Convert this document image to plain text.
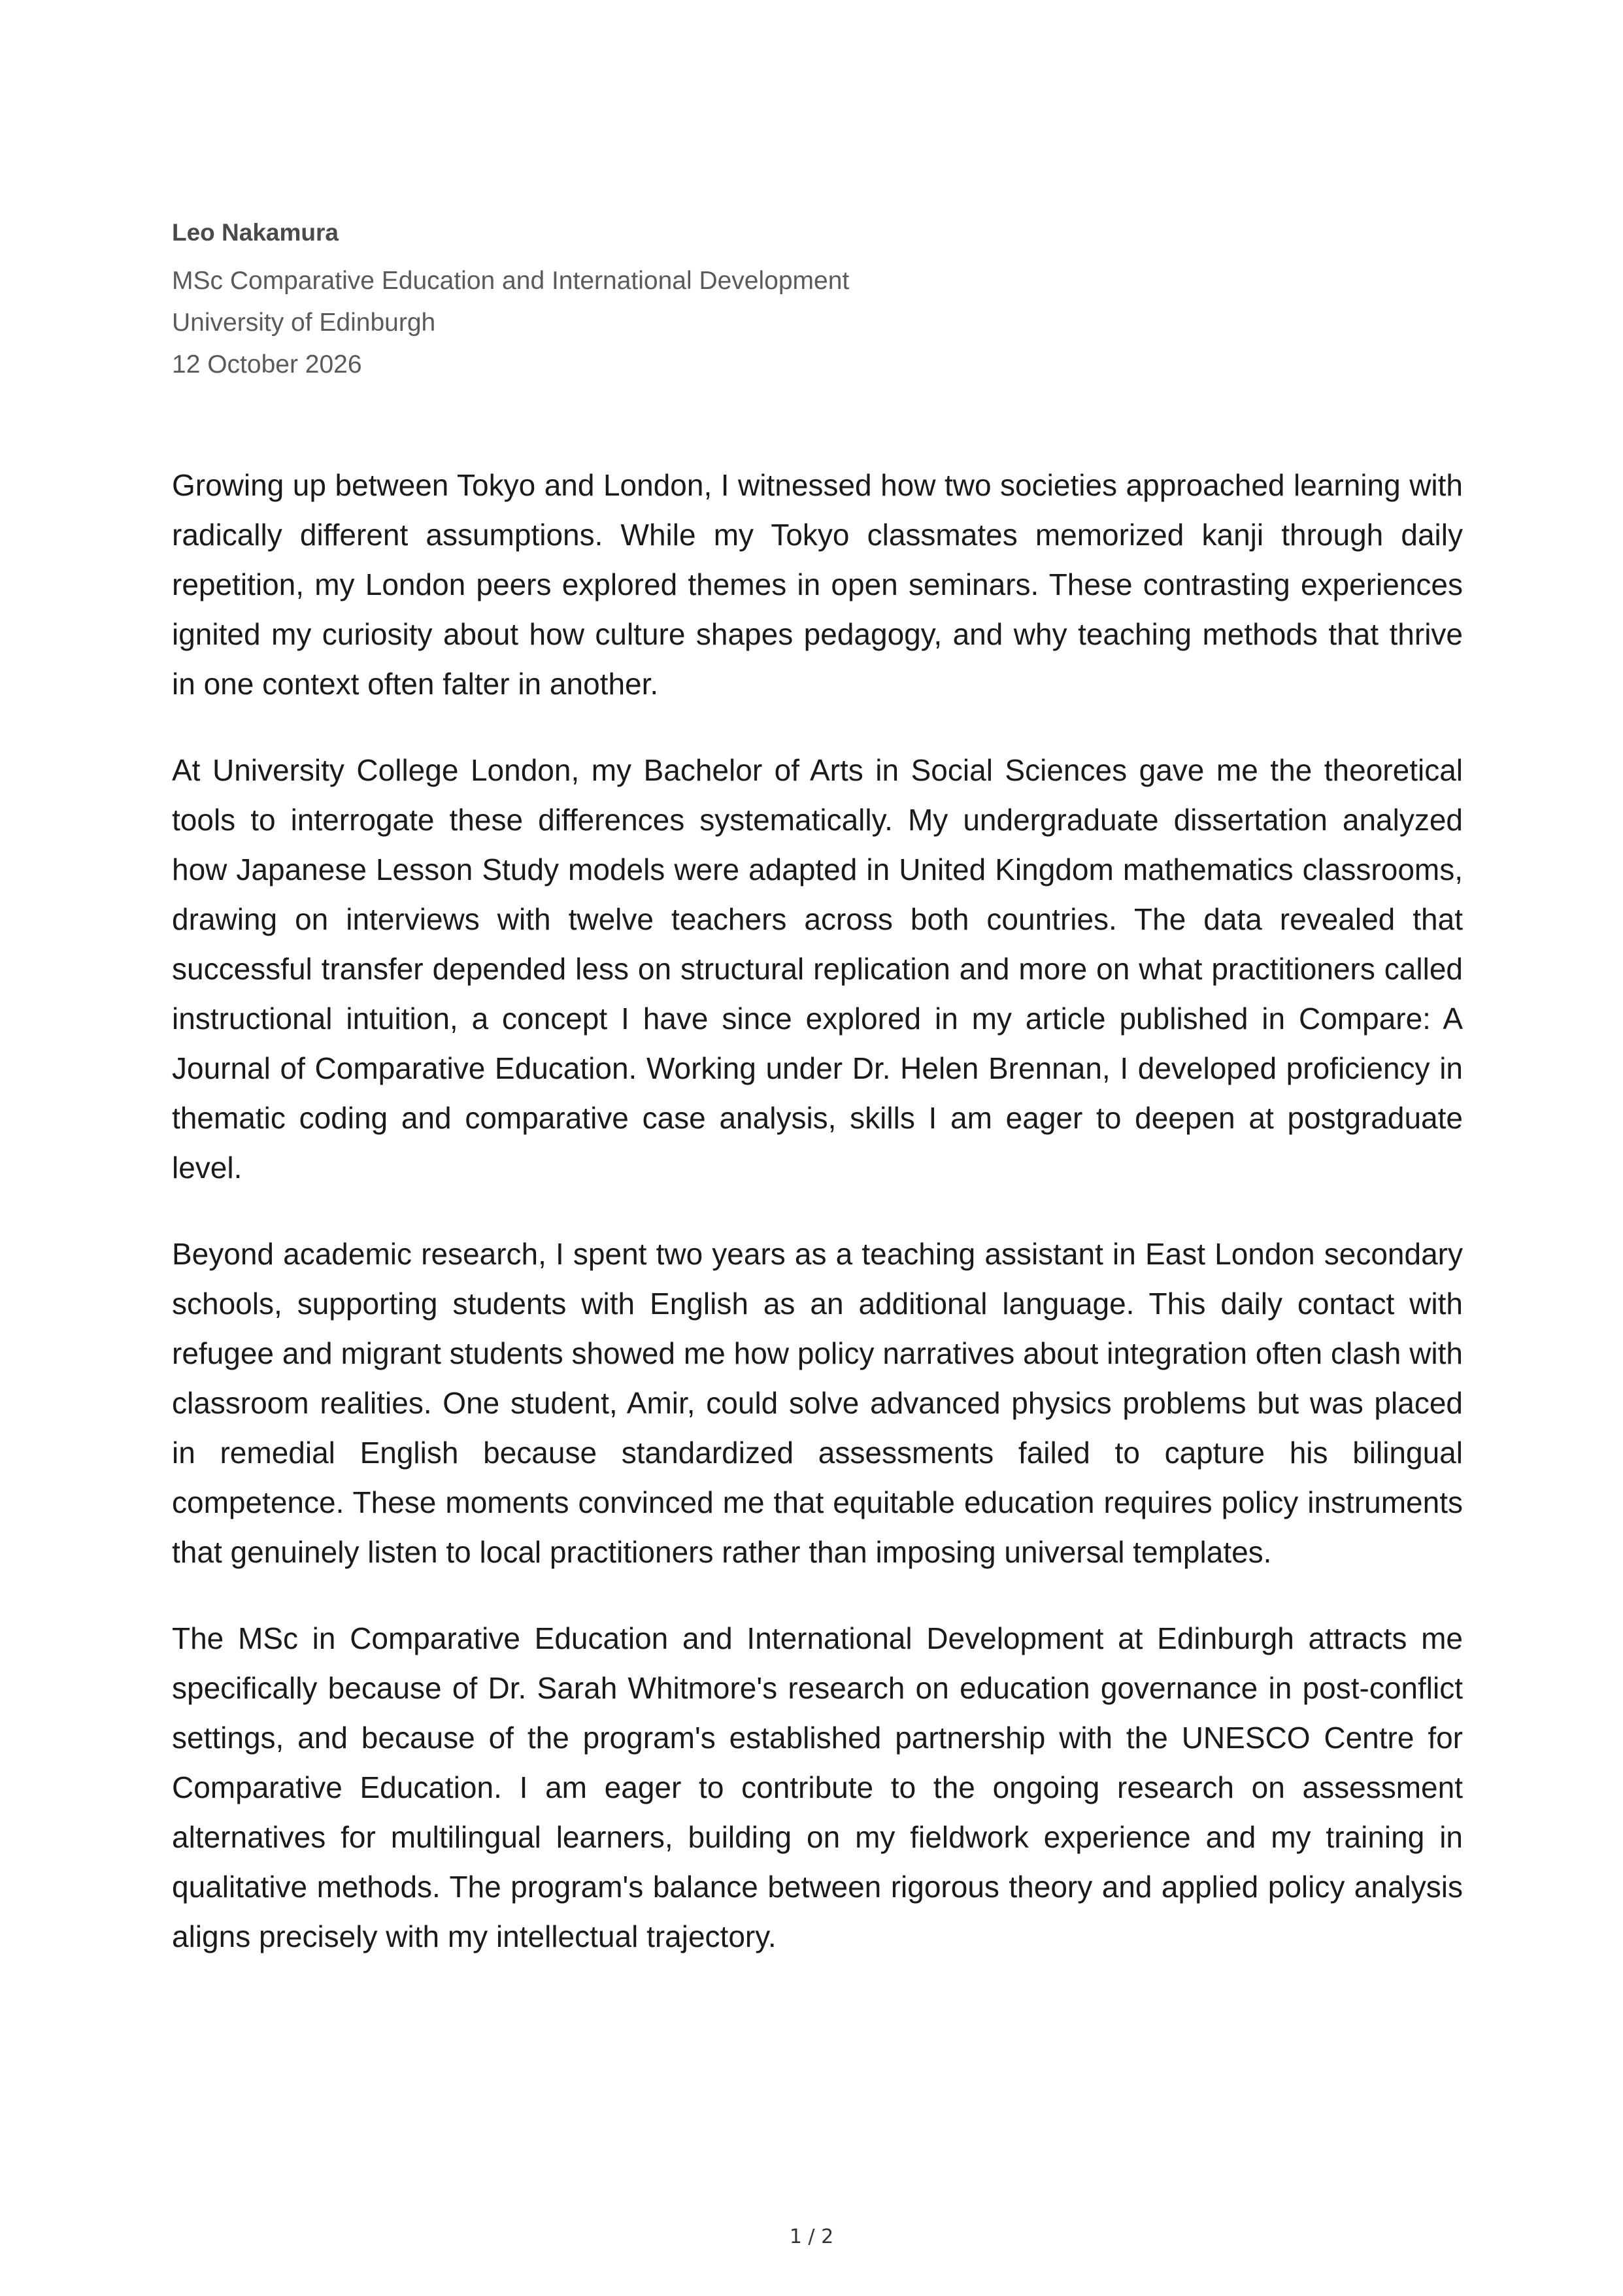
Leo Nakamura

MSc Comparative Education and International Development

University of Edinburgh

12 October 2026

Growing up between Tokyo and London, I witnessed how two societies approached learning with radically different assumptions. While my Tokyo classmates memorized kanji through daily repetition, my London peers explored themes in open seminars. These contrasting experiences ignited my curiosity about how culture shapes pedagogy, and why teaching methods that thrive in one context often falter in another.

At University College London, my Bachelor of Arts in Social Sciences gave me the theoretical tools to interrogate these differences systematically. My undergraduate dissertation analyzed how Japanese Lesson Study models were adapted in United Kingdom mathematics classrooms, drawing on interviews with twelve teachers across both countries. The data revealed that successful transfer depended less on structural replication and more on what practitioners called instructional intuition, a concept I have since explored in my article published in Compare: A Journal of Comparative Education. Working under Dr. Helen Brennan, I developed proficiency in thematic coding and comparative case analysis, skills I am eager to deepen at postgraduate level.

Beyond academic research, I spent two years as a teaching assistant in East London secondary schools, supporting students with English as an additional language. This daily contact with refugee and migrant students showed me how policy narratives about integration often clash with classroom realities. One student, Amir, could solve advanced physics problems but was placed in remedial English because standardized assessments failed to capture his bilingual competence. These moments convinced me that equitable education requires policy instruments that genuinely listen to local practitioners rather than imposing universal templates.

The MSc in Comparative Education and International Development at Edinburgh attracts me specifically because of Dr. Sarah Whitmore's research on education governance in post-conflict settings, and because of the program's established partnership with the UNESCO Centre for Comparative Education. I am eager to contribute to the ongoing research on assessment alternatives for multilingual learners, building on my fieldwork experience and my training in qualitative methods. The program's balance between rigorous theory and applied policy analysis aligns precisely with my intellectual trajectory.

1 / 2
